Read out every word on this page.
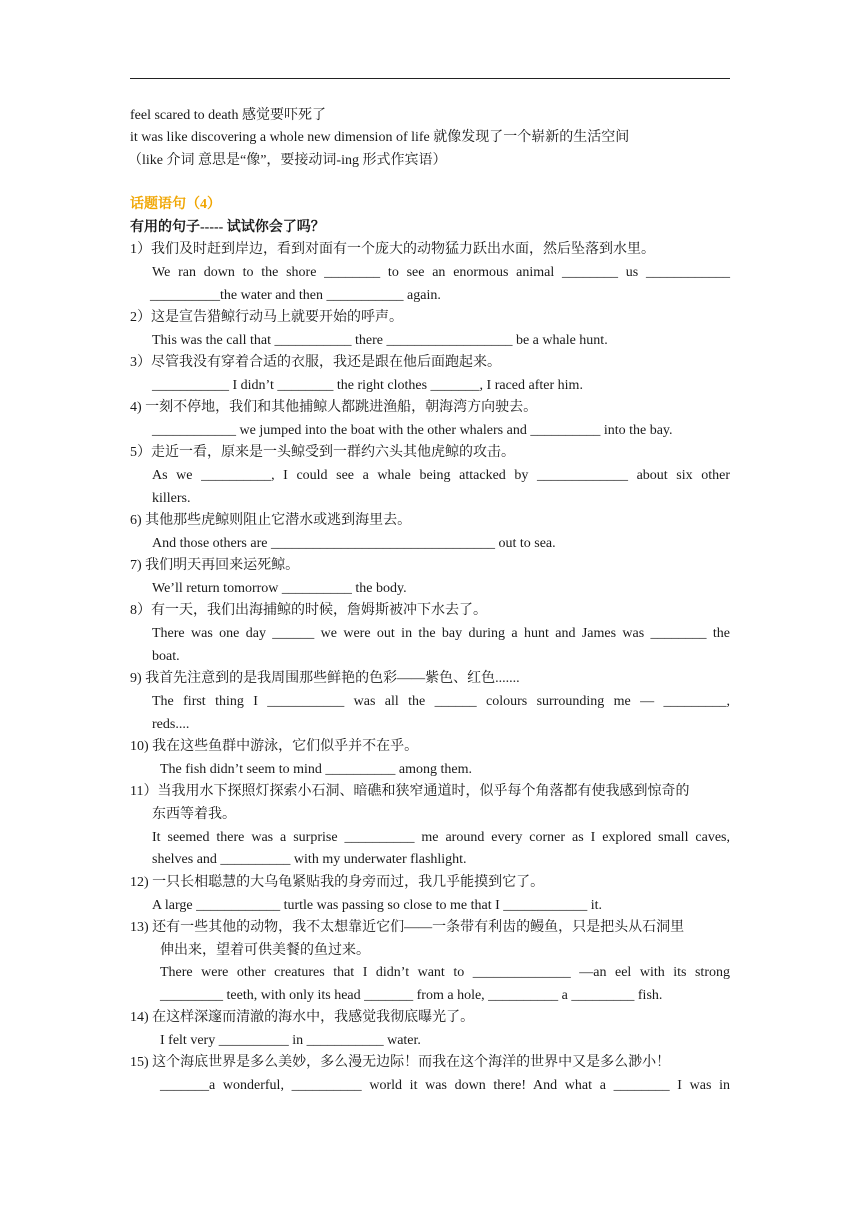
feel scared to death 感觉要吓死了
it was like discovering a whole new dimension of life 就像发现了一个崭新的生活空间
（like 介词 意思是“像”，要接动词-ing 形式作宾语）
话题语句（4）
有用的句子----- 试试你会了吗？
1）我们及时赶到岸边，看到对面有一个庞大的动物猛力跃出水面，然后坠落到水里。
We ran down to the shore ________ to see an enormous animal ________ us ____________
__________the water and then ___________ again.
2）这是宣告猎鲸行动马上就要开始的呼声。
This was the call that ___________ there __________________ be a whale hunt.
3）尽管我没有穿着合适的衣服，我还是跟在他后面跑起来。
___________ I didn’t ________ the right clothes _______, I raced after him.
4) 一刻不停地，我们和其他捕鲸人都跳进渔船，朝海湾方向驶去。
____________ we jumped into the boat with the other whalers and __________ into the bay.
5）走近一看，原来是一头鲸受到一群约六头其他虎鲸的攻击。
As we __________, I could see a whale being attacked by _____________ about six other
killers.
6) 其他那些虎鲸则阻止它潜水或逃到海里去。
And those others are ________________________________ out to sea.
7) 我们明天再回来运死鲸。
We’ll return tomorrow __________ the body.
8）有一天，我们出海捕鲸的时候，詹姆斯被冲下水去了。
There was one day ______ we were out in the bay during a hunt and James was ________ the
boat.
9) 我首先注意到的是我周围那些鲜艳的色彩——紫色、红色.......
The first thing I ___________ was all the ______ colours surrounding me — _________,
reds....
10) 我在这些鱼群中游泳，它们似乎并不在乎。
The fish didn’t seem to mind __________ among them.
11）当我用水下探照灯探索小石洞、暗礁和狭窄通道时，似乎每个角落都有使我感到惊奇的
东西等着我。
It seemed there was a surprise __________ me around every corner as I explored small caves,
shelves and __________ with my underwater flashlight.
12) 一只长相聪慧的大乌龟紧贴我的身旁而过，我几乎能摸到它了。
A large ____________ turtle was passing so close to me that I ____________ it.
13) 还有一些其他的动物，我不太想靠近它们——一条带有利齿的鳗鱼，只是把头从石洞里
伸出来，望着可供美餐的鱼过来。
There were other creatures that I didn’t want to ______________ —an eel with its strong
_________ teeth, with only its head _______ from a hole, __________ a _________ fish.
14) 在这样深邃而清澈的海水中，我感觉我彻底曝光了。
I felt very __________ in ___________ water.
15) 这个海底世界是多么美妙，多么漫无边际！而我在这个海洋的世界中又是多么渺小！
_______a wonderful, __________ world it was down there! And what a ________ I was in
